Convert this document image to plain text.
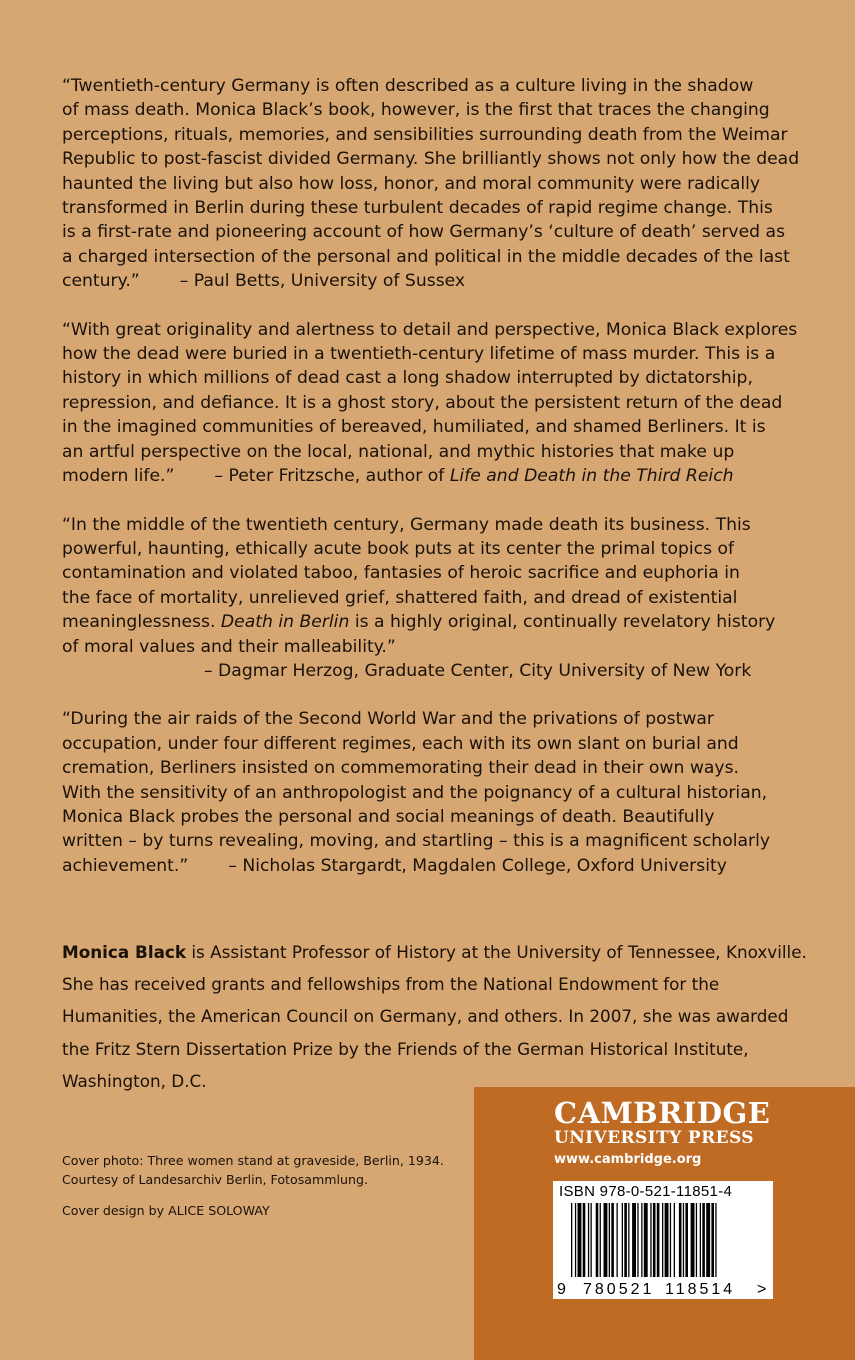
“Twentieth-century Germany is often described as a culture living in the shadow
of mass death. Monica Black’s book, however, is the first that traces the changing
perceptions, rituals, memories, and sensibilities surrounding death from the Weimar
Republic to post-fascist divided Germany. She brilliantly shows not only how the dead
haunted the living but also how loss, honor, and moral community were radically
transformed in Berlin during these turbulent decades of rapid regime change. This
is a first-rate and pioneering account of how Germany’s ‘culture of death’ served as
a charged intersection of the personal and political in the middle decades of the last
century.” – Paul Betts, University of Sussex
“With great originality and alertness to detail and perspective, Monica Black explores
how the dead were buried in a twentieth-century lifetime of mass murder. This is a
history in which millions of dead cast a long shadow interrupted by dictatorship,
repression, and defiance. It is a ghost story, about the persistent return of the dead
in the imagined communities of bereaved, humiliated, and shamed Berliners. It is
an artful perspective on the local, national, and mythic histories that make up
modern life.” – Peter Fritzsche, author of Life and Death in the Third Reich
“In the middle of the twentieth century, Germany made death its business. This
powerful, haunting, ethically acute book puts at its center the primal topics of
contamination and violated taboo, fantasies of heroic sacrifice and euphoria in
the face of mortality, unrelieved grief, shattered faith, and dread of existential
meaninglessness. Death in Berlin is a highly original, continually revelatory history
of moral values and their malleability.”
– Dagmar Herzog, Graduate Center, City University of New York
“During the air raids of the Second World War and the privations of postwar
occupation, under four different regimes, each with its own slant on burial and
cremation, Berliners insisted on commemorating their dead in their own ways.
With the sensitivity of an anthropologist and the poignancy of a cultural historian,
Monica Black probes the personal and social meanings of death. Beautifully
written – by turns revealing, moving, and startling – this is a magnificent scholarly
achievement.” – Nicholas Stargardt, Magdalen College, Oxford University
Monica Black is Assistant Professor of History at the University of Tennessee, Knoxville.
She has received grants and fellowships from the National Endowment for the
Humanities, the American Council on Germany, and others. In 2007, she was awarded
the Fritz Stern Dissertation Prize by the Friends of the German Historical Institute,
Washington, D.C.
Cover photo: Three women stand at graveside, Berlin, 1934.
Courtesy of Landesarchiv Berlin, Fotosammlung.
Cover design by ALICE SOLOWAY
CAMBRIDGE
UNIVERSITY PRESS
www.cambridge.org
ISBN 978-0-521-11851-4
9 780521 118514 >
